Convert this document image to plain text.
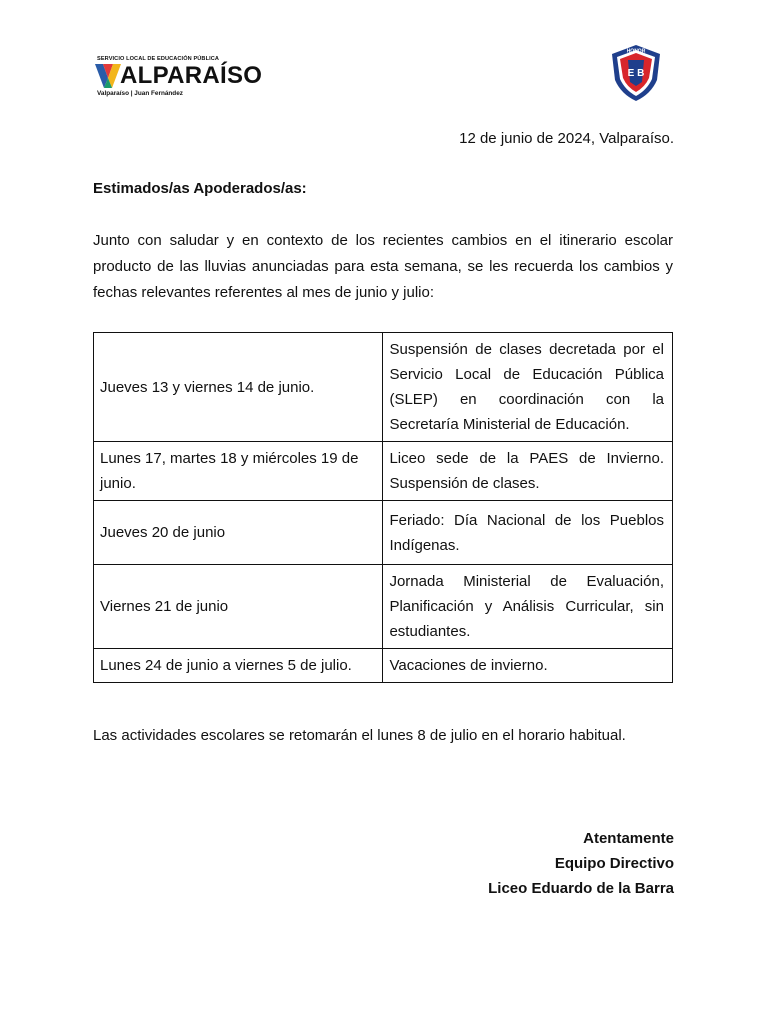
SERVICIO LOCAL DE EDUCACIÓN PÚBLICA
ALPARAÍSO
Valparaíso | Juan Fernández
HONOR
E B
12 de junio de 2024, Valparaíso.
Estimados/as Apoderados/as:
Junto con saludar y en contexto de los recientes cambios en el itinerario escolar producto de las lluvias anunciadas para esta semana, se les recuerda los cambios y fechas relevantes referentes al mes de junio y julio:
Jueves 13 y viernes 14 de junio.	Suspensión de clases decretada por el Servicio Local de Educación Pública (SLEP) en coordinación con la Secretaría Ministerial de Educación.
Lunes 17, martes 18 y miércoles 19 de junio.	Liceo sede de la PAES de Invierno. Suspensión de clases.
Jueves 20 de junio	Feriado: Día Nacional de los Pueblos Indígenas.
Viernes 21 de junio	Jornada Ministerial de Evaluación, Planificación y Análisis Curricular, sin estudiantes.
Lunes 24 de junio a viernes 5 de julio.	Vacaciones de invierno.
Las actividades escolares se retomarán el lunes 8 de julio en el horario habitual.
Atentamente
Equipo Directivo
Liceo Eduardo de la Barra
